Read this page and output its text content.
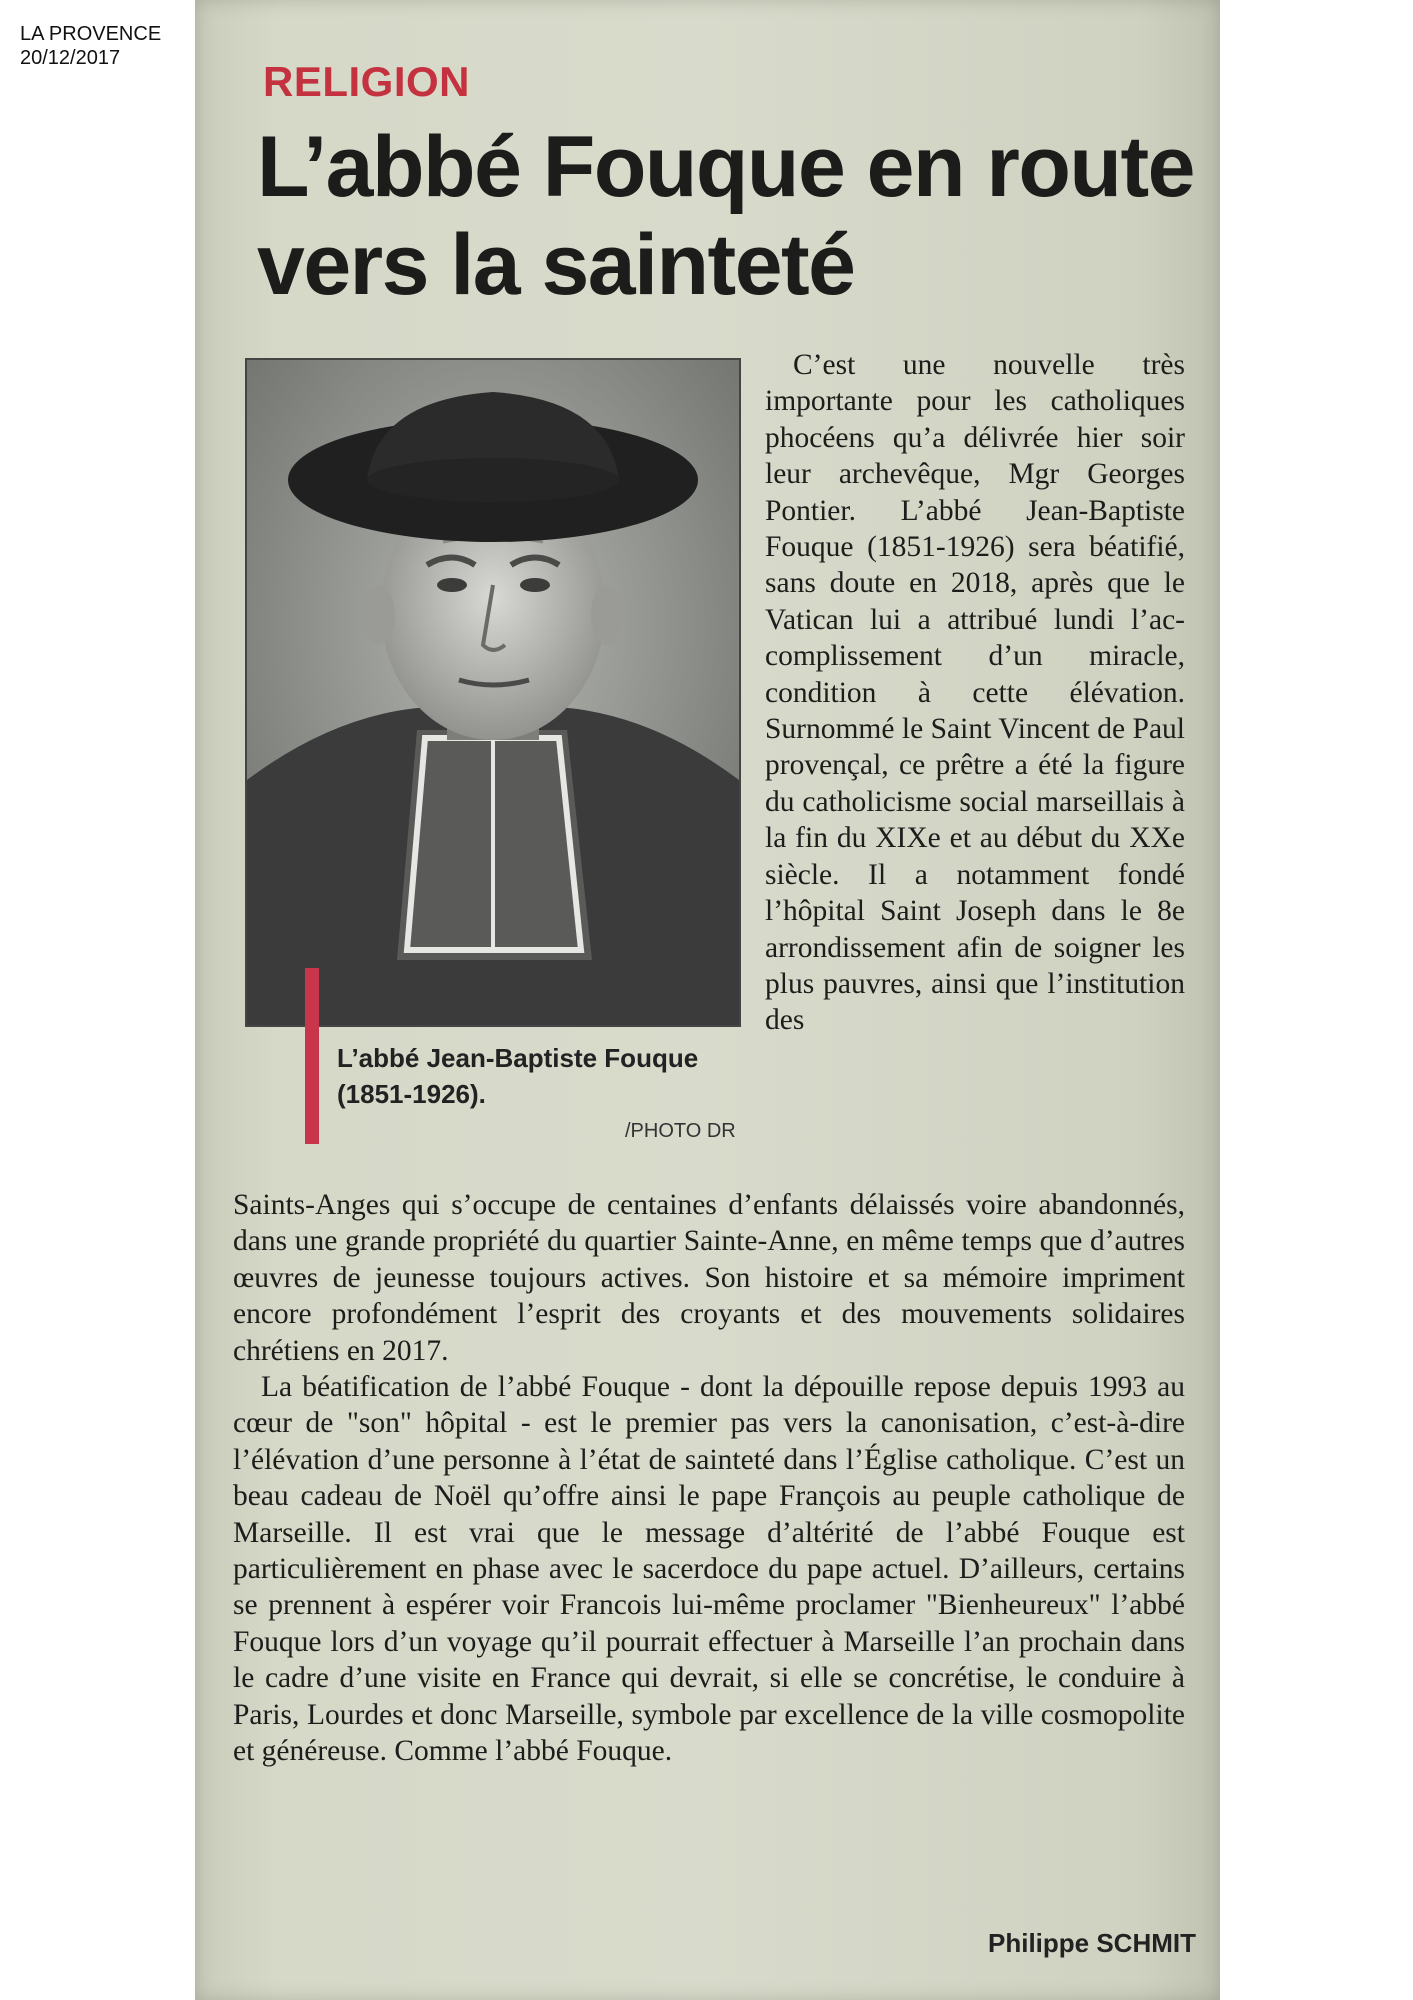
LA PROVENCE
20/12/2017	RELIGION
L’abbé Fouque en route vers la sainteté
L’abbé Jean-Baptiste Fouque (1851-1926).
/PHOTO DR

C’est une nouvelle très importante pour les catholiques phocéens qu’a délivrée hier soir leur archevêque, Mgr Georges Pontier. L’abbé Jean-Baptiste Fouque (1851-1926) sera béatifié, sans doute en 2018, après que le Vatican lui a attribué lundi l’accomplissement d’un miracle, condition à cette élévation. Surnommé le Saint Vincent de Paul provençal, ce prêtre a été la figure du catholicisme social marseillais à la fin du XIXe et au début du XXe siècle. Il a notamment fondé l’hôpital Saint Joseph dans le 8e arrondissement afin de soigner les plus pauvres, ainsi que l’institution des

Saints-Anges qui s’occupe de centaines d’enfants délaissés voire abandonnés, dans une grande propriété du quartier Sainte-Anne, en même temps que d’autres œuvres de jeunesse toujours actives. Son histoire et sa mémoire impriment encore profondément l’esprit des croyants et des mouvements solidaires chrétiens en 2017.

La béatification de l’abbé Fouque - dont la dépouille repose depuis 1993 au cœur de "son" hôpital - est le premier pas vers la canonisation, c’est-à-dire l’élévation d’une personne à l’état de sainteté dans l’Église catholique. C’est un beau cadeau de Noël qu’offre ainsi le pape François au peuple catholique de Marseille. Il est vrai que le message d’altérité de l’abbé Fouque est particulièrement en phase avec le sacerdoce du pape actuel. D’ailleurs, certains se prennent à espérer voir Francois lui-même proclamer "Bienheureux" l’abbé Fouque lors d’un voyage qu’il pourrait effectuer à Marseille l’an prochain dans le cadre d’une visite en France qui devrait, si elle se concrétise, le conduire à Paris, Lourdes et donc Marseille, symbole par excellence de la ville cosmopolite et généreuse. Comme l’abbé Fouque.

Philippe SCHMIT
